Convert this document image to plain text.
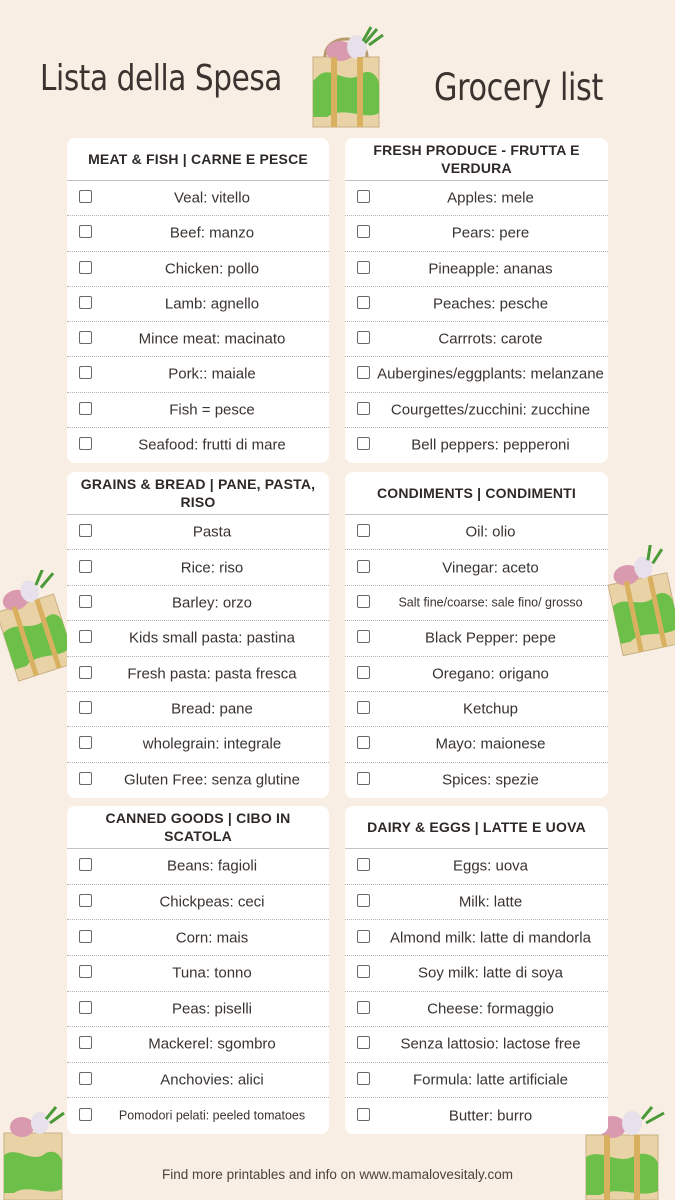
Lista della Spesa	Grocery list
MEAT & FISH | CARNE E PESCE
Veal: vitello
Beef: manzo
Chicken: pollo
Lamb: agnello
Mince meat: macinato
Pork:: maiale
Fish = pesce
Seafood: frutti di mare
FRESH PRODUCE - FRUTTA E VERDURA
Apples: mele
Pears: pere
Pineapple: ananas
Peaches: pesche
Carrrots: carote
Aubergines/eggplants: melanzane
Courgettes/zucchini: zucchine
Bell peppers: pepperoni
GRAINS & BREAD | PANE, PASTA, RISO
Pasta
Rice: riso
Barley: orzo
Kids small pasta: pastina
Fresh pasta: pasta fresca
Bread: pane
wholegrain: integrale
Gluten Free: senza glutine
CONDIMENTS | CONDIMENTI
Oil: olio
Vinegar: aceto
Salt fine/coarse: sale fino/ grosso
Black Pepper: pepe
Oregano: origano
Ketchup
Mayo: maionese
Spices: spezie
CANNED GOODS | CIBO IN SCATOLA
Beans: fagioli
Chickpeas: ceci
Corn: mais
Tuna: tonno
Peas: piselli
Mackerel: sgombro
Anchovies: alici
Pomodori pelati: peeled tomatoes
DAIRY & EGGS | LATTE E UOVA
Eggs: uova
Milk: latte
Almond milk: latte di mandorla
Soy milk: latte di soya
Cheese: formaggio
Senza lattosio: lactose free
Formula: latte artificiale
Butter: burro
Find more printables and info on www.mamalovesitaly.com
